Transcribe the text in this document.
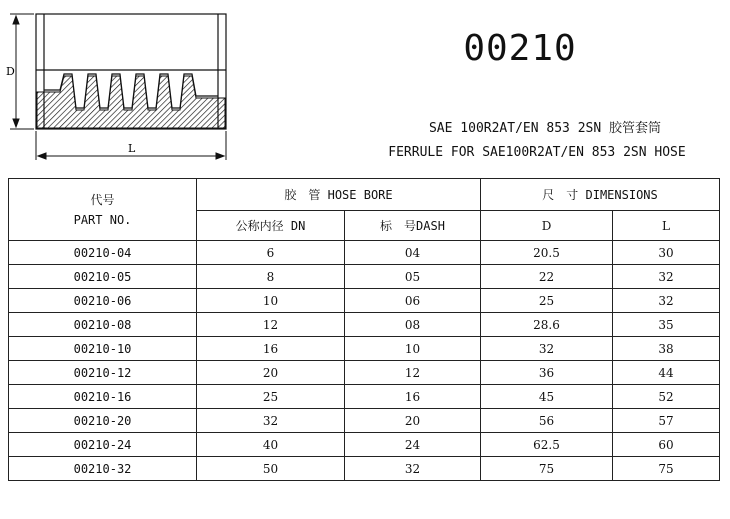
D
L
00210
SAE 100R2AT/EN 853 2SN 胶管套筒
FERRULE FOR SAE100R2AT/EN 853 2SN HOSE
代号
PART NO.	胶　管 HOSE BORE		尺　寸 DIMENSIONS	
	公称内径 DN	标　号DASH	D	L
00210-04	6	04	20.5	30
00210-05	8	05	22	32
00210-06	10	06	25	32
00210-08	12	08	28.6	35
00210-10	16	10	32	38
00210-12	20	12	36	44
00210-16	25	16	45	52
00210-20	32	20	56	57
00210-24	40	24	62.5	60
00210-32	50	32	75	75
